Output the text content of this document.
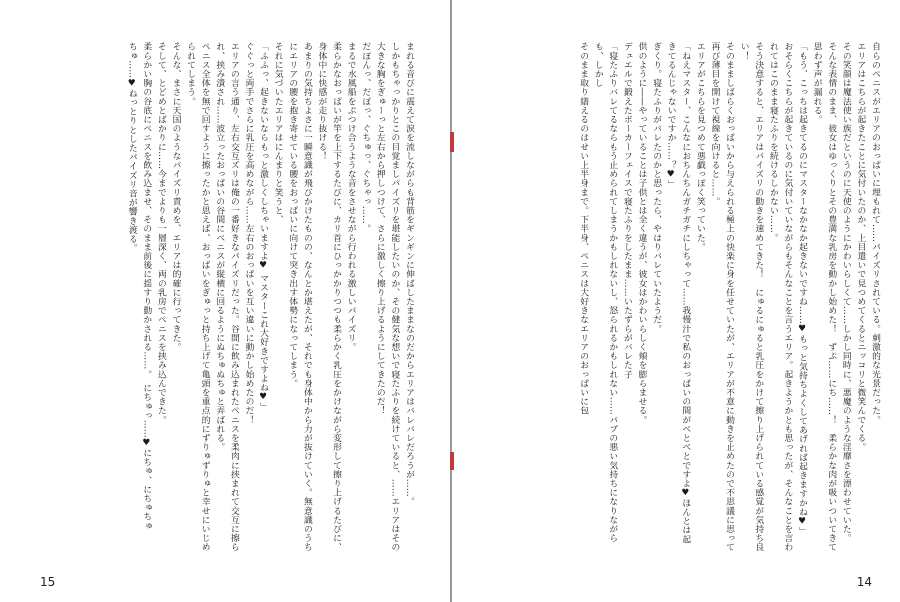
まれる音びに震えて涙を流しながらも背筋をギンギンに伸ばしたままなのだからエリアはバレバレだろうが……。
しかもちゃっかりとこの目覚ましパイズリを堪能したいのか、その健気な想いで寝たふりを続けていると、……エリアはその大きな胸をぎゅーっと左右から押しつけて、さらに激しく擦り上げるようにしてきたのだ！
だぽんっ、だぽっ、ぐちゅっ、ぐちゃっ……。
まるで水風船をぶつけ合うような音をさせながら行われる激しいパイズリ。
柔らかなおっぱいが竿を上下するたびに、カリ首にひっかかりつつも柔らかく乳圧をかけながら変形して擦り上げるたびに、身体中に快感が走り抜ける！
あまりの気持ちよさに一瞬意識が飛びかけたものの、なんとか堪えたが、それでも身体中から力が抜けていく。無意識のうちにエリアの腰を抱き寄せている腰をおっぱいに向けて突き出す体勢になってしまう。
それに気づいたエリアはにんまりと笑うと、
「ふふっ、起きないならもっと激しくしちゃいますよ♥ マスターこれ大好きですよね♥」
ぐぐっと両手でさらに乳圧を高めながら……左右のおっぱいを互い違いに動かし始めたのだ！
エリアの言う通り、左右交互ズリは俺の一番好きなパイズリだった。谷間に飲み込まれたペニスを柔肉に挟まれて交互に擦られ、挟み潰され……波立ったおっぱいの谷間にペニスが縦横に回るようにぬちゅぬちゅと弄ばれる。
ペニス全体を無で回すように擦ったかと思えば、おっぱいをぎゅっと持ち上げて亀頭を重点的にずりゅずりゅと幸せにいじめられてしまう。
そんな、まさに天国のようなパイズリ責めを、エリアは的確に行ってきた。
そして、とどめとばかりに……今までよりも一層深く、両の乳房でペニスを挟み込んできた。
柔らかい胸の谷底にペニスを飲み込ませ、そのまま前後に揺すり動かされる……。　にちゅっ……♥にちゅ、にちゅちゅ
ちゅ……♥ねっとりとしたパイズリ音が響き渡る。
15
自らのペニスがエリアのおっぱいに埋もれて……パイズリされている。刺激的な光景だった。
エリアはこちらが起きたことに気付いたのか、上目遣いで見つめてくるとニッコリと微笑んでくる。
その笑顔は魔法使い族だというのに天使のようにかわいらしくて……しかし同時に、悪魔のような淫靡さを漂わせていた。
そんな表情のまま、彼女はゆっくりとその豊満な乳房を動かし始めた！　ずぷ……にち……！　柔らかな肉が吸いついてきて思わず声が漏れる。
「もう、こっちは起きてるのにマスターなかなか起きないですね……♥もっと気持ちよくしてあげれば起きますかね♥」
おそらくこちらが起きているのに気付いていながらもそんなことを言うエリア。起きようかとも思ったが、そんなことを言われてはこのまま寝たふりを続けるしかない……。
そう決意すると、エリアはパイズリの動きを速めてきた！　にゅるにゅると乳圧をかけて擦り上げられている感覚が気持ち良い！
そのまましばらくおっぱいから与えられる極上の快楽に身を任せていたが、エリアが不意に動きを止めたので不思議に思って再び薄目を開けて視線を向けると……。
エリアがこちらを見つめて悪戯っぽく笑っていた。
「ねえマスター、こんなにおちんちんガチガチにしちゃって……我慢汁で私のおっぱいの間がべとべとですよ♥ほんとは起きてるんじゃないですか……？♥」
ぎくり。寝たふりがバレたのかと思ったら、やはりバレていたようだ。
供のように――やっていることは子供とは全く違うが、彼女はかわいらしく頬を膨らませる。
デュエルで鍛えたボーカーフェイスで寝たふりをしたまま……いたずらがバレた子
「寝たふりバレてるならもう止められてしまうかもしれないし、怒られるかもしれない……パブの悪い気持ちになりながらも、しかし
そのまま取り繕えるのはせい上半身まで。下半身、ペニスは大好きなエリアのおっぱいに包
14
